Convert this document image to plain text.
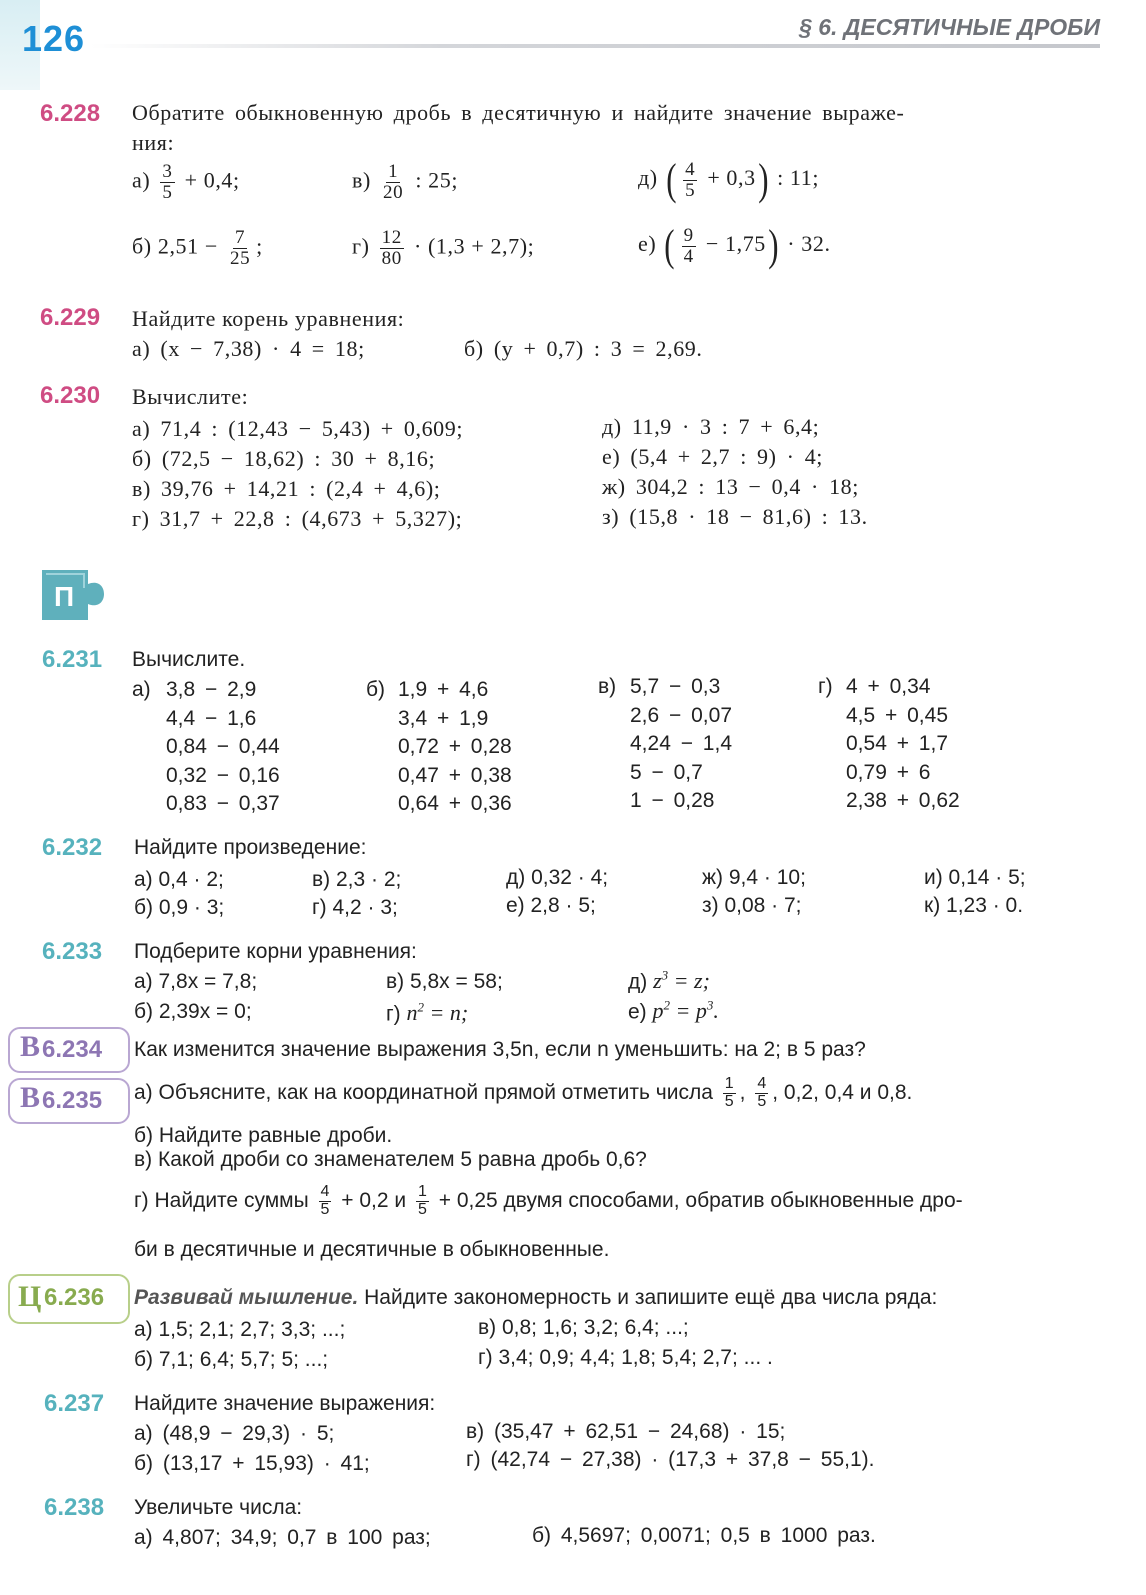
126	§ 6. ДЕСЯТИЧНЫЕ ДРОБИ
6.228 Обратите обыкновенную дробь в десятичную и найдите значение выраже-
ния:
$а) \frac{3}{5} + 0,4$;	$в) \frac{1}{20}$ : 25;	д) ( $\frac{4}{5} + 0,3$) : 11;
б) $2,51 - \frac{7}{25}$ ;	$г) \frac{12}{80} \cdot (1,3 + 2,7)$;	е) ( $\frac{9}{4} - 1,75) \cdot 32$.
6.229 Найдите корень уравнения:
а) (x − 7,38) · 4 = 18;	б) (y + 0,7) : 3 = 2,69.
6.230 Вычислите:
а) 71,4 : (12,43 − 5,43) + 0,609;
б) (72,5 − 18,62) : 30 + 8,16;
в) 39,76 + 14,21 : (2,4 + 4,6);
г) 31,7 + 22,8 : (4,673 + 5,327);
д) 11,9 · 3 : 7 + 6,4;
е) (5,4 + 2,7 : 9) · 4;
ж) 304,2 : 13 − 0,4 · 18;
з) (15,8 · 18 − 81,6) : 13.
П
6.231 Вычислите.
а) 3,8 − 2,9
4,4 − 1,6
0,84 − 0,44
0,32 − 0,16
0,83 − 0,37
б) 1,9 + 4,6
3,4 + 1,9
0,72 + 0,28
0,47 + 0,38
0,64 + 0,36
в) 5,7 − 0,3
2,6 − 0,07
4,24 − 1,4
5 − 0,7
1 − 0,28
г) 4 + 0,34
4,5 + 0,45
0,54 + 1,7
0,79 + 6
2,38 + 0,62
6.232 Найдите произведение:
а) 0,4 · 2;	в) 2,3 · 2;	д) 0,32 · 4;	ж) 9,4 · 10;	и) 0,14 · 5;
б) 0,9 · 3;	г) 4,2 · 3;	е) 2,8 · 5;	з) 0,08 · 7;	к) 1,23 · 0.
6.233 Подберите корни уравнения:
а) 7,8x = 7,8;	в) 5,8x = 58;	д) $z^3 = z$;
б) 2,39x = 0;	г) $n^2 = n$;	е) $p^2 = p^3$.
В 6.234 Как изменится значение выражения 3,5n, если n уменьшить: на 2; в 5 раз?
В 6.235 а) Объясните, как на координатной прямой отметить числа $\frac{1}{5}$ , $\frac{4}{5}$ , 0,2, 0,4 и 0,8.
б) Найдите равные дроби.
в) Какой дроби со знаменателем 5 равна дробь 0,6?
г) Найдите суммы $\frac{4}{5} + 0,2$ и $\frac{1}{5} + 0,25$ двумя способами, обратив обыкновенные дро-
би в десятичные и десятичные в обыкновенные.
Ц 6.236 Развивай мышление. Найдите закономерность и запишите ещё два числа ряда:
а) 1,5; 2,1; 2,7; 3,3; ...;	в) 0,8; 1,6; 3,2; 6,4; ...;
б) 7,1; 6,4; 5,7; 5; ...;	г) 3,4; 0,9; 4,4; 1,8; 5,4; 2,7; ... .
6.237 Найдите значение выражения:
а) (48,9 − 29,3) · 5;	в) (35,47 + 62,51 − 24,68) · 15;
б) (13,17 + 15,93) · 41;	г) (42,74 − 27,38) · (17,3 + 37,8 − 55,1).
6.238 Увеличьте числа:
а) 4,807; 34,9; 0,7 в 100 раз;	б) 4,5697; 0,0071; 0,5 в 1000 раз.
